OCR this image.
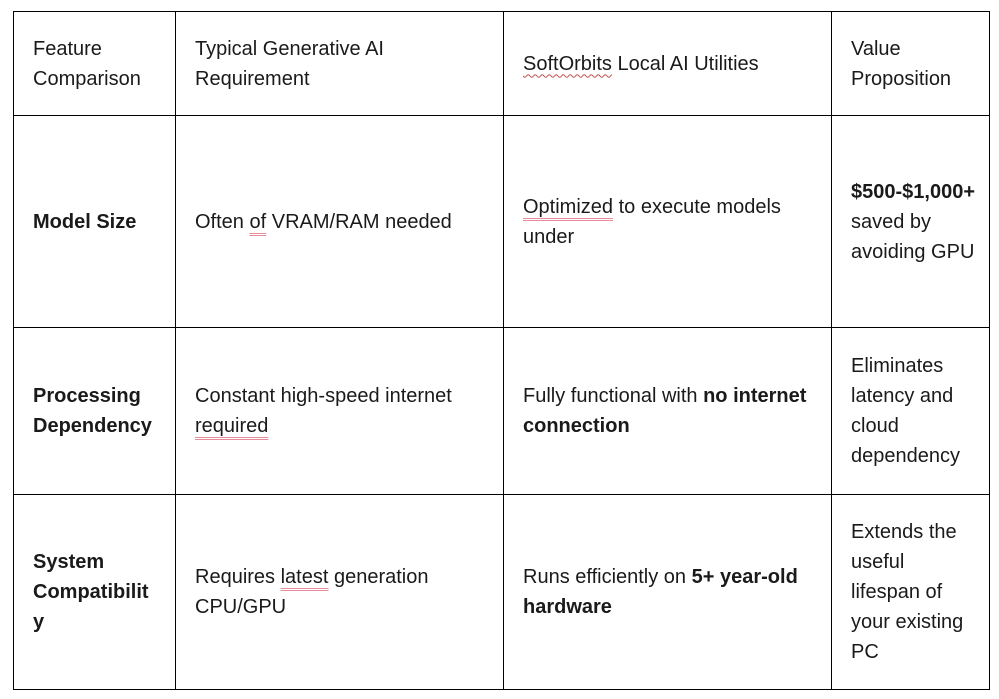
Feature Comparison	Typical Generative AI Requirement	SoftOrbits Local AI Utilities	Value Proposition
Model Size	Often of VRAM/RAM needed	Optimized to execute models under	$500-$1,000+ saved by avoiding GPU
Processing Dependency	Constant high-speed internet required	Fully functional with no internet connection	Eliminates latency and cloud dependency
System Compatibilit y	Requires latest generation CPU/GPU	Runs efficiently on 5+ year-old hardware	Extends the useful lifespan of your existing PC
